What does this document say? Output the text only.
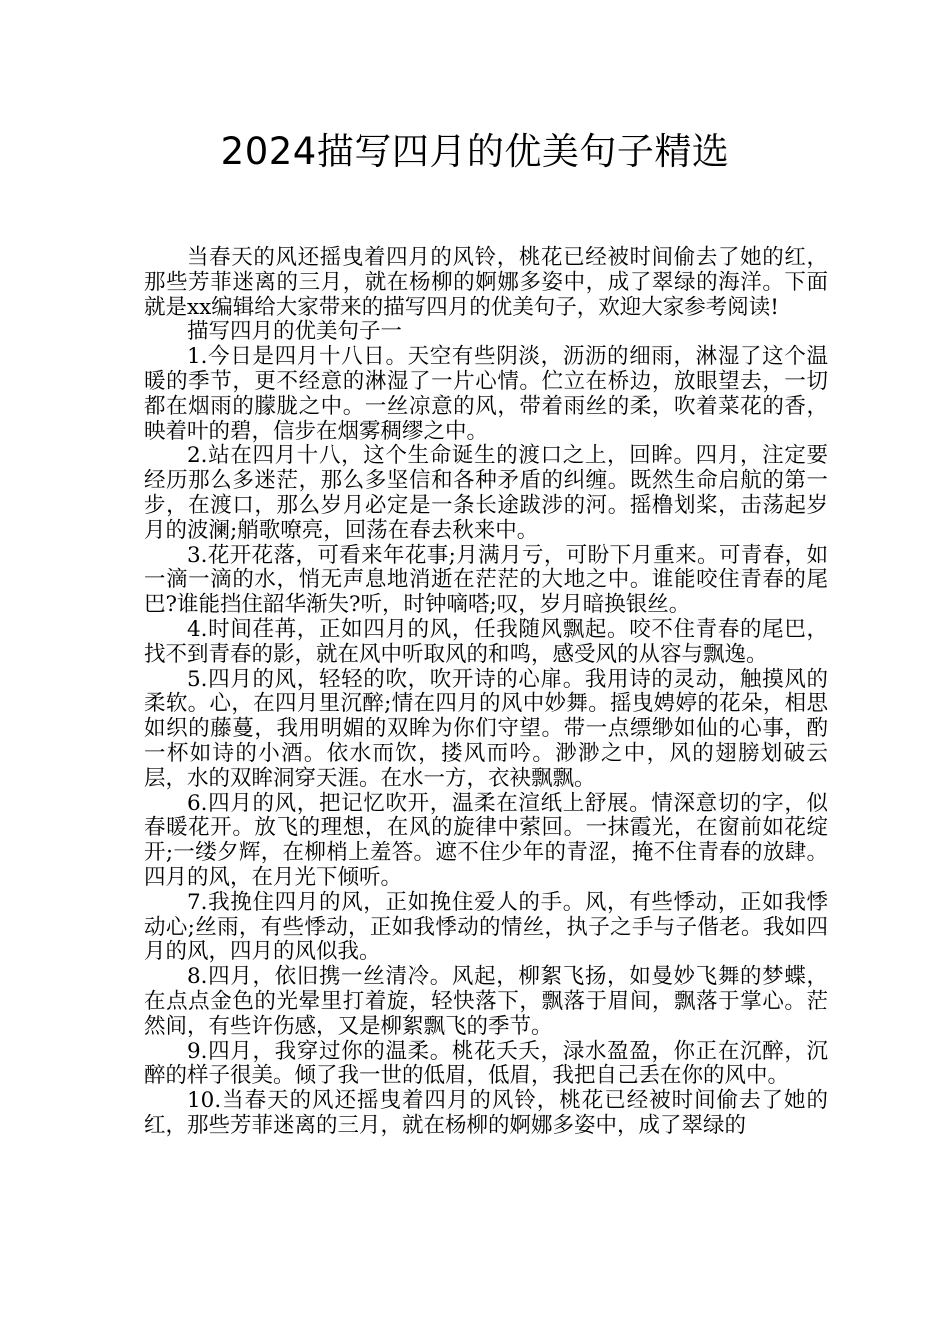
2024描写四月的优美句子精选

当春天的风还摇曳着四月的风铃，桃花已经被时间偷去了她的红，那些芳菲迷离的三月，就在杨柳的婀娜多姿中，成了翠绿的海洋。下面就是xx编辑给大家带来的描写四月的优美句子，欢迎大家参考阅读!

描写四月的优美句子一

1.今日是四月十八日。天空有些阴淡，沥沥的细雨，淋湿了这个温暖的季节，更不经意的淋湿了一片心情。伫立在桥边，放眼望去，一切都在烟雨的朦胧之中。一丝凉意的风，带着雨丝的柔，吹着菜花的香，映着叶的碧，信步在烟雾稠缪之中。

2.站在四月十八，这个生命诞生的渡口之上，回眸。四月，注定要经历那么多迷茫，那么多坚信和各种矛盾的纠缠。既然生命启航的第一步，在渡口，那么岁月必定是一条长途跋涉的河。摇橹划桨，击荡起岁月的波澜;艄歌嘹亮，回荡在春去秋来中。

3.花开花落，可看来年花事;月满月亏，可盼下月重来。可青春，如一滴一滴的水，悄无声息地消逝在茫茫的大地之中。谁能咬住青春的尾巴?谁能挡住韶华渐失?听，时钟嘀嗒;叹，岁月暗换银丝。

4.时间荏苒，正如四月的风，任我随风飘起。咬不住青春的尾巴，找不到青春的影，就在风中听取风的和鸣，感受风的从容与飘逸。

5.四月的风，轻轻的吹，吹开诗的心扉。我用诗的灵动，触摸风的柔软。心，在四月里沉醉;情在四月的风中妙舞。摇曳娉婷的花朵，相思如织的藤蔓，我用明媚的双眸为你们守望。带一点缥缈如仙的心事，酌一杯如诗的小酒。依水而饮，搂风而吟。渺渺之中，风的翅膀划破云层，水的双眸洞穿天涯。在水一方，衣袂飘飘。

6.四月的风，把记忆吹开，温柔在渲纸上舒展。情深意切的字，似春暖花开。放飞的理想，在风的旋律中萦回。一抹霞光，在窗前如花绽开;一缕夕辉，在柳梢上羞答。遮不住少年的青涩，掩不住青春的放肆。四月的风，在月光下倾听。

7.我挽住四月的风，正如挽住爱人的手。风，有些悸动，正如我悸动心;丝雨，有些悸动，正如我悸动的情丝，执子之手与子偕老。我如四月的风，四月的风似我。

8.四月，依旧携一丝清冷。风起，柳絮飞扬，如曼妙飞舞的梦蝶，在点点金色的光晕里打着旋，轻快落下，飘落于眉间，飘落于掌心。茫然间，有些许伤感，又是柳絮飘飞的季节。

9.四月，我穿过你的温柔。桃花夭夭，渌水盈盈，你正在沉醉，沉醉的样子很美。倾了我一世的低眉，低眉，我把自己丢在你的风中。

10.当春天的风还摇曳着四月的风铃，桃花已经被时间偷去了她的红，那些芳菲迷离的三月，就在杨柳的婀娜多姿中，成了翠绿的
